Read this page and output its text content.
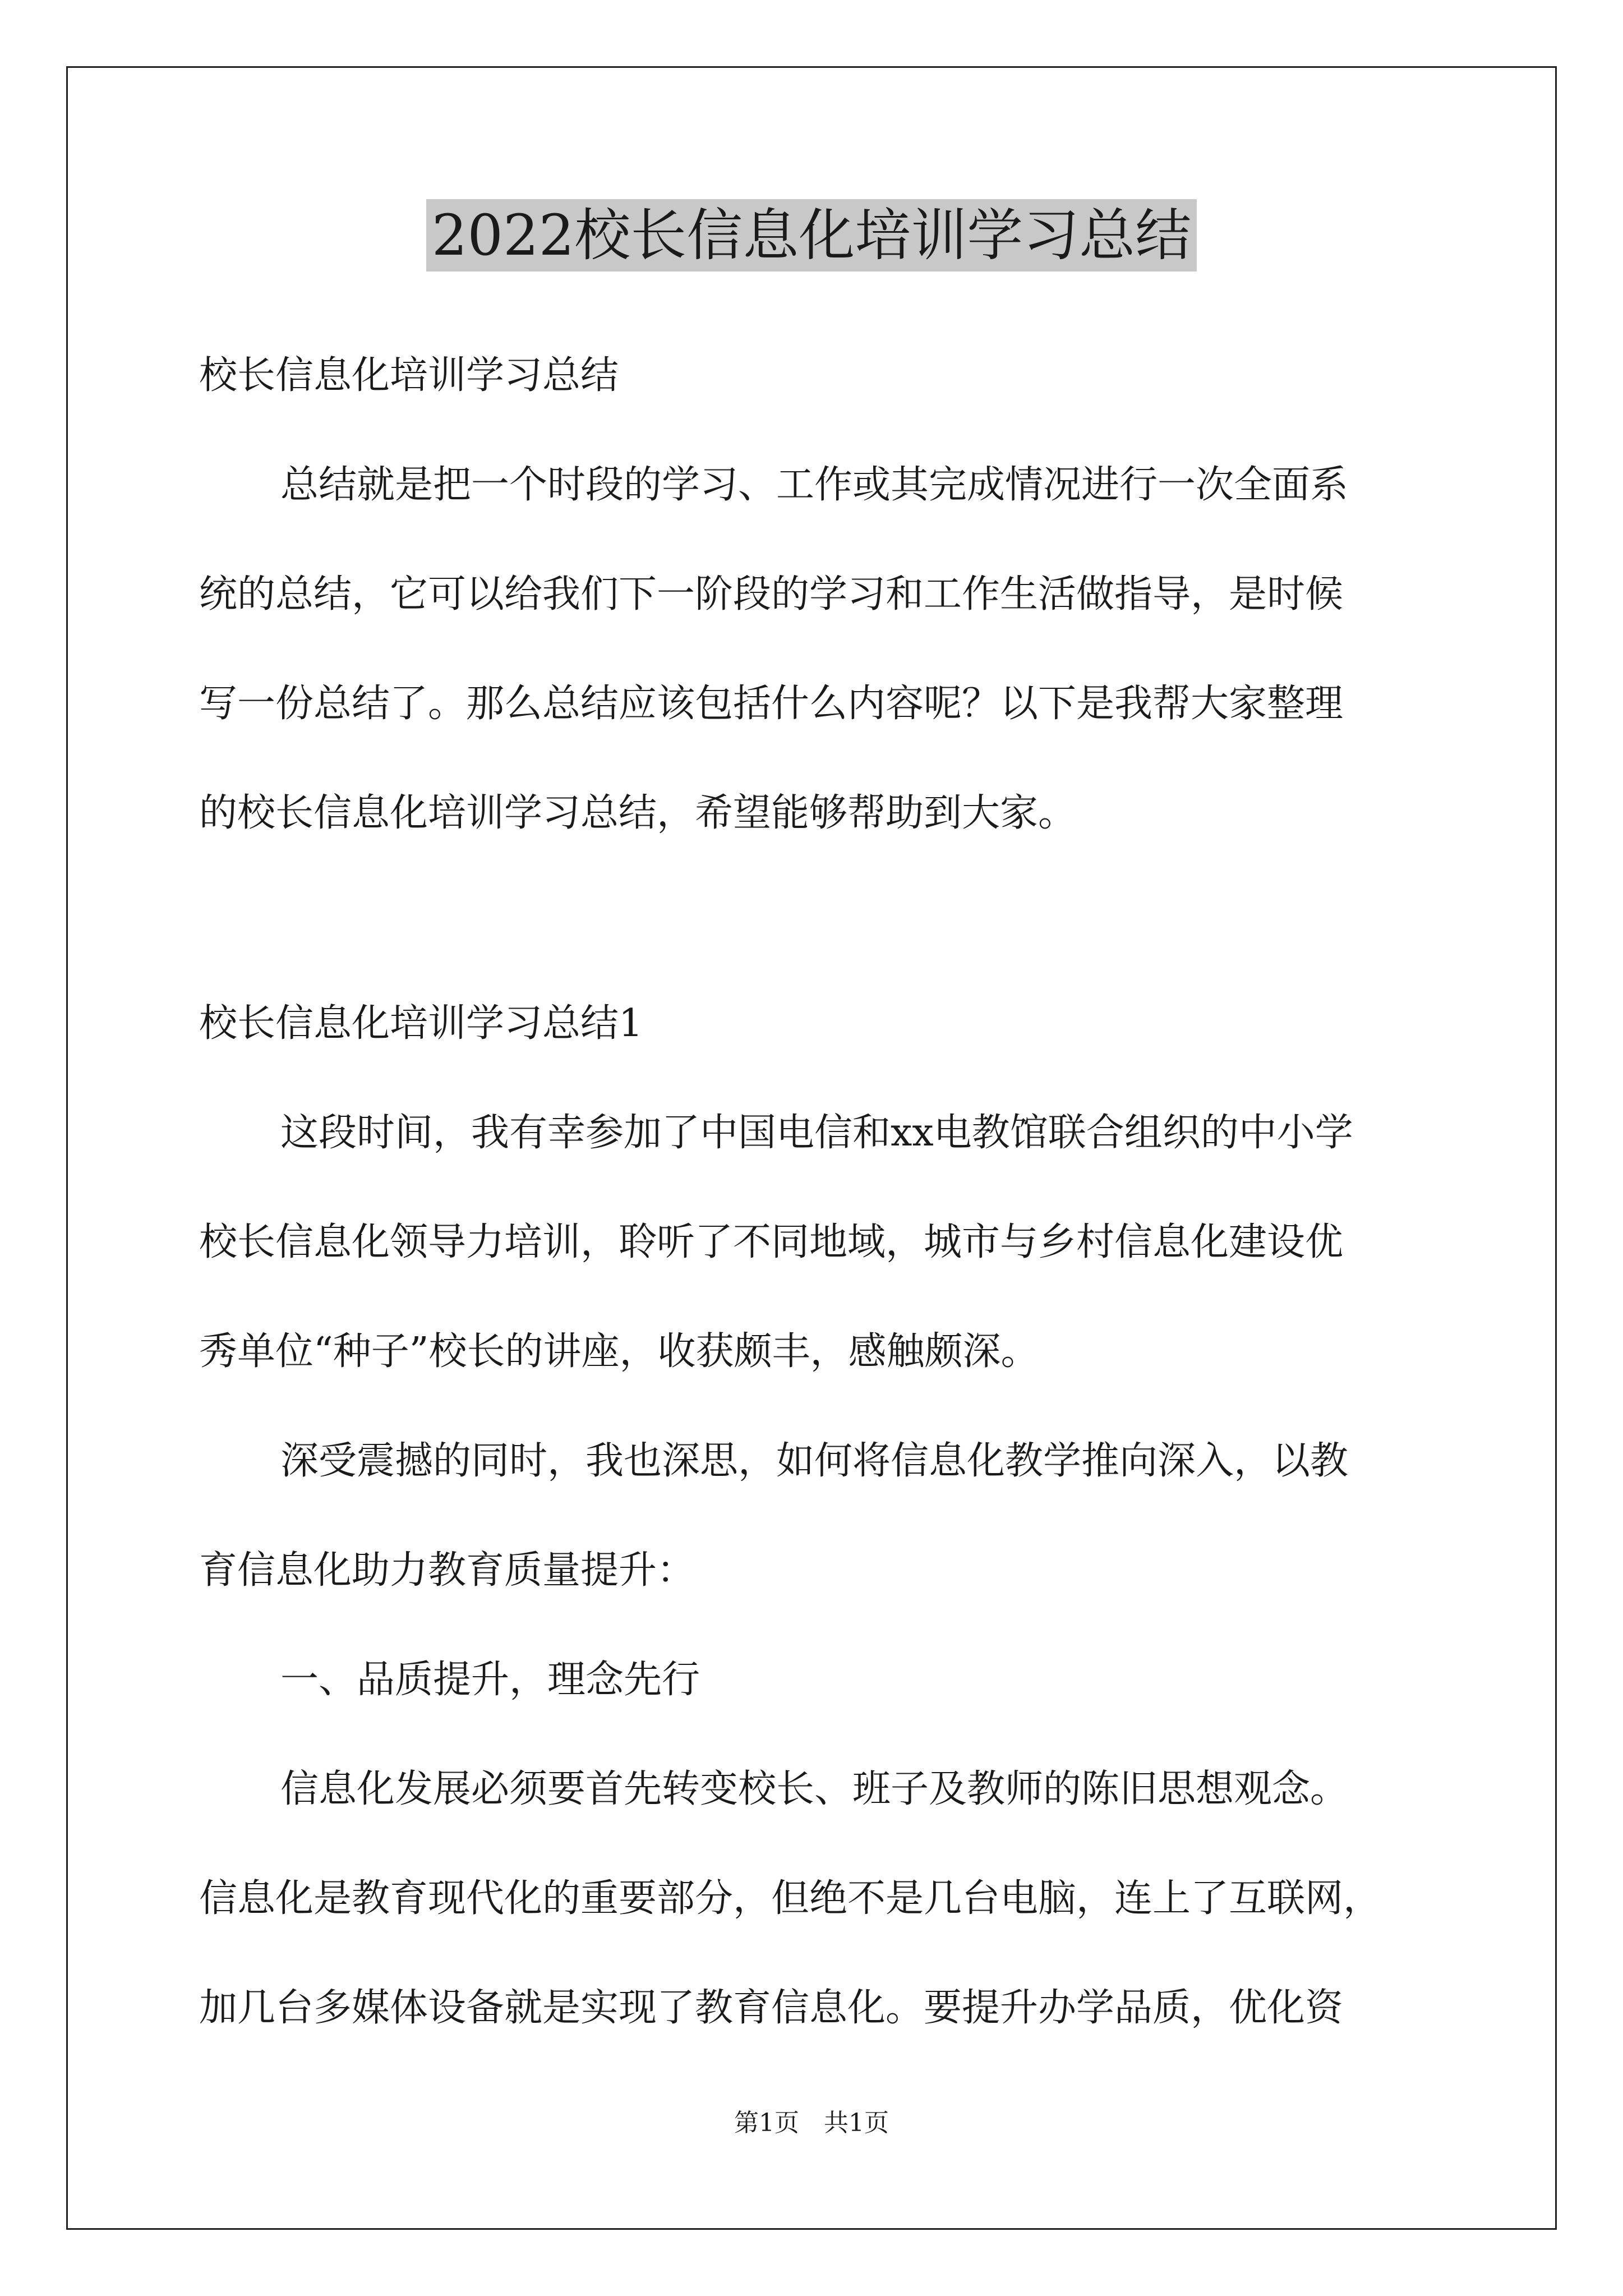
2022校长信息化培训学习总结
校长信息化培训学习总结
总结就是把一个时段的学习、工作或其完成情况进行一次全面系
统的总结，它可以给我们下一阶段的学习和工作生活做指导，是时候
写一份总结了。那么总结应该包括什么内容呢？以下是我帮大家整理
的校长信息化培训学习总结，希望能够帮助到大家。
校长信息化培训学习总结1
这段时间，我有幸参加了中国电信和xx电教馆联合组织的中小学
校长信息化领导力培训，聆听了不同地域，城市与乡村信息化建设优
秀单位“种子”校长的讲座，收获颇丰，感触颇深。
深受震撼的同时，我也深思，如何将信息化教学推向深入，以教
育信息化助力教育质量提升：
一、品质提升，理念先行
信息化发展必须要首先转变校长、班子及教师的陈旧思想观念。
信息化是教育现代化的重要部分，但绝不是几台电脑，连上了互联网，
加几台多媒体设备就是实现了教育信息化。要提升办学品质，优化资
第1页　共1页
